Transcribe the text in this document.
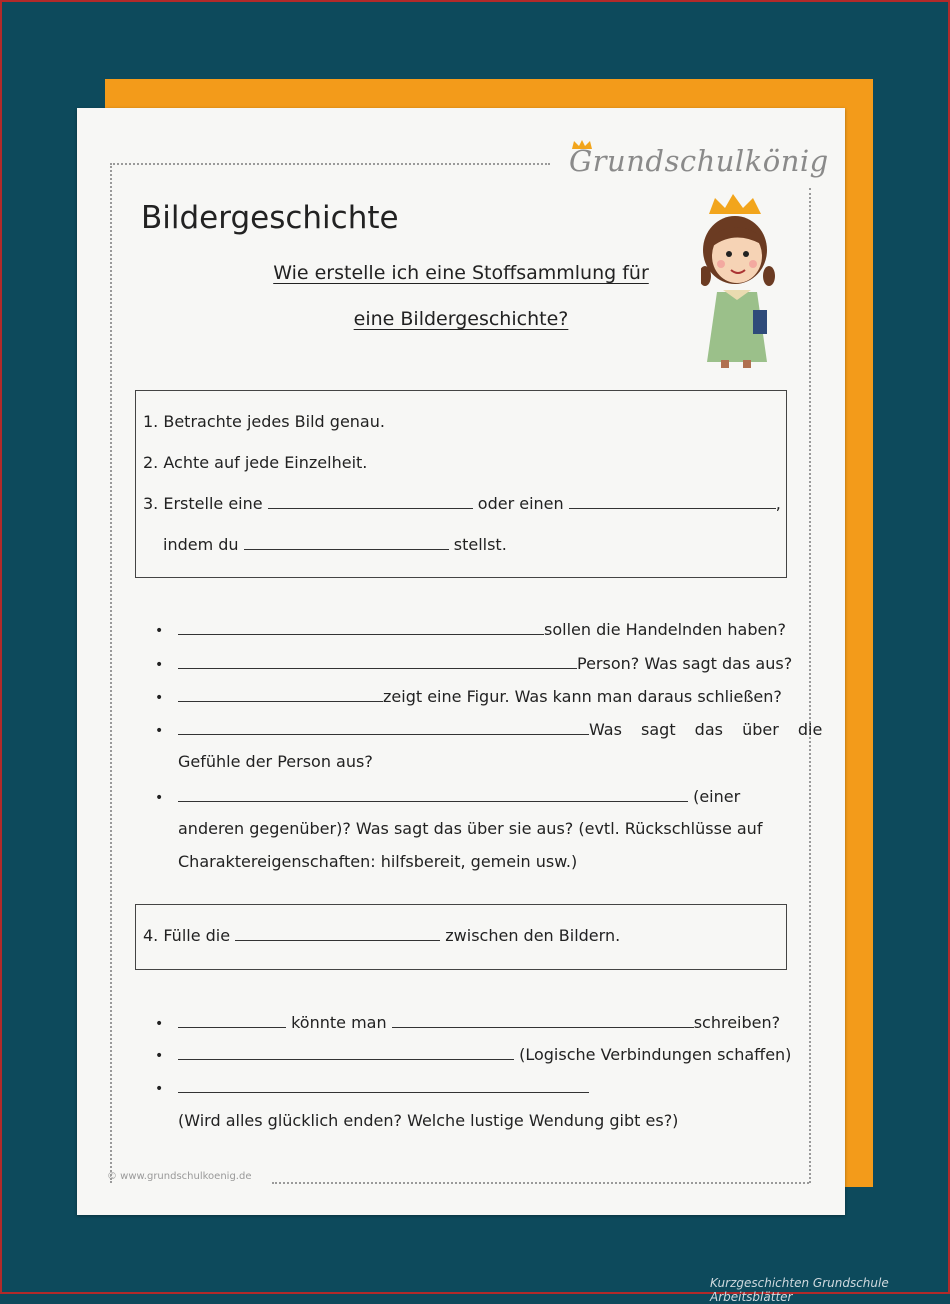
Grundschulkönig
Bildergeschichte
Wie erstelle ich eine Stoffsammlung für
eine Bildergeschichte?
1. Betrachte jedes Bild genau.
2. Achte auf jede Einzelheit.
3. Erstelle eine	oder einen	,
indem du	stellst.
•	sollen die Handelnden haben?
•	Person? Was sagt das aus?
•	zeigt eine Figur. Was kann man daraus schließen?
•	Was sagt das über die
Gefühle der Person aus?
•	(einer
anderen gegenüber)? Was sagt das über sie aus? (evtl. Rückschlüsse auf
Charaktereigenschaften: hilfsbereit, gemein usw.)
4. Fülle die	zwischen den Bildern.
•	könnte man	schreiben?
•	(Logische Verbindungen schaffen)
•
(Wird alles glücklich enden? Welche lustige Wendung gibt es?)
© www.grundschulkoenig.de
Kurzgeschichten Grundschule Arbeitsblätter
